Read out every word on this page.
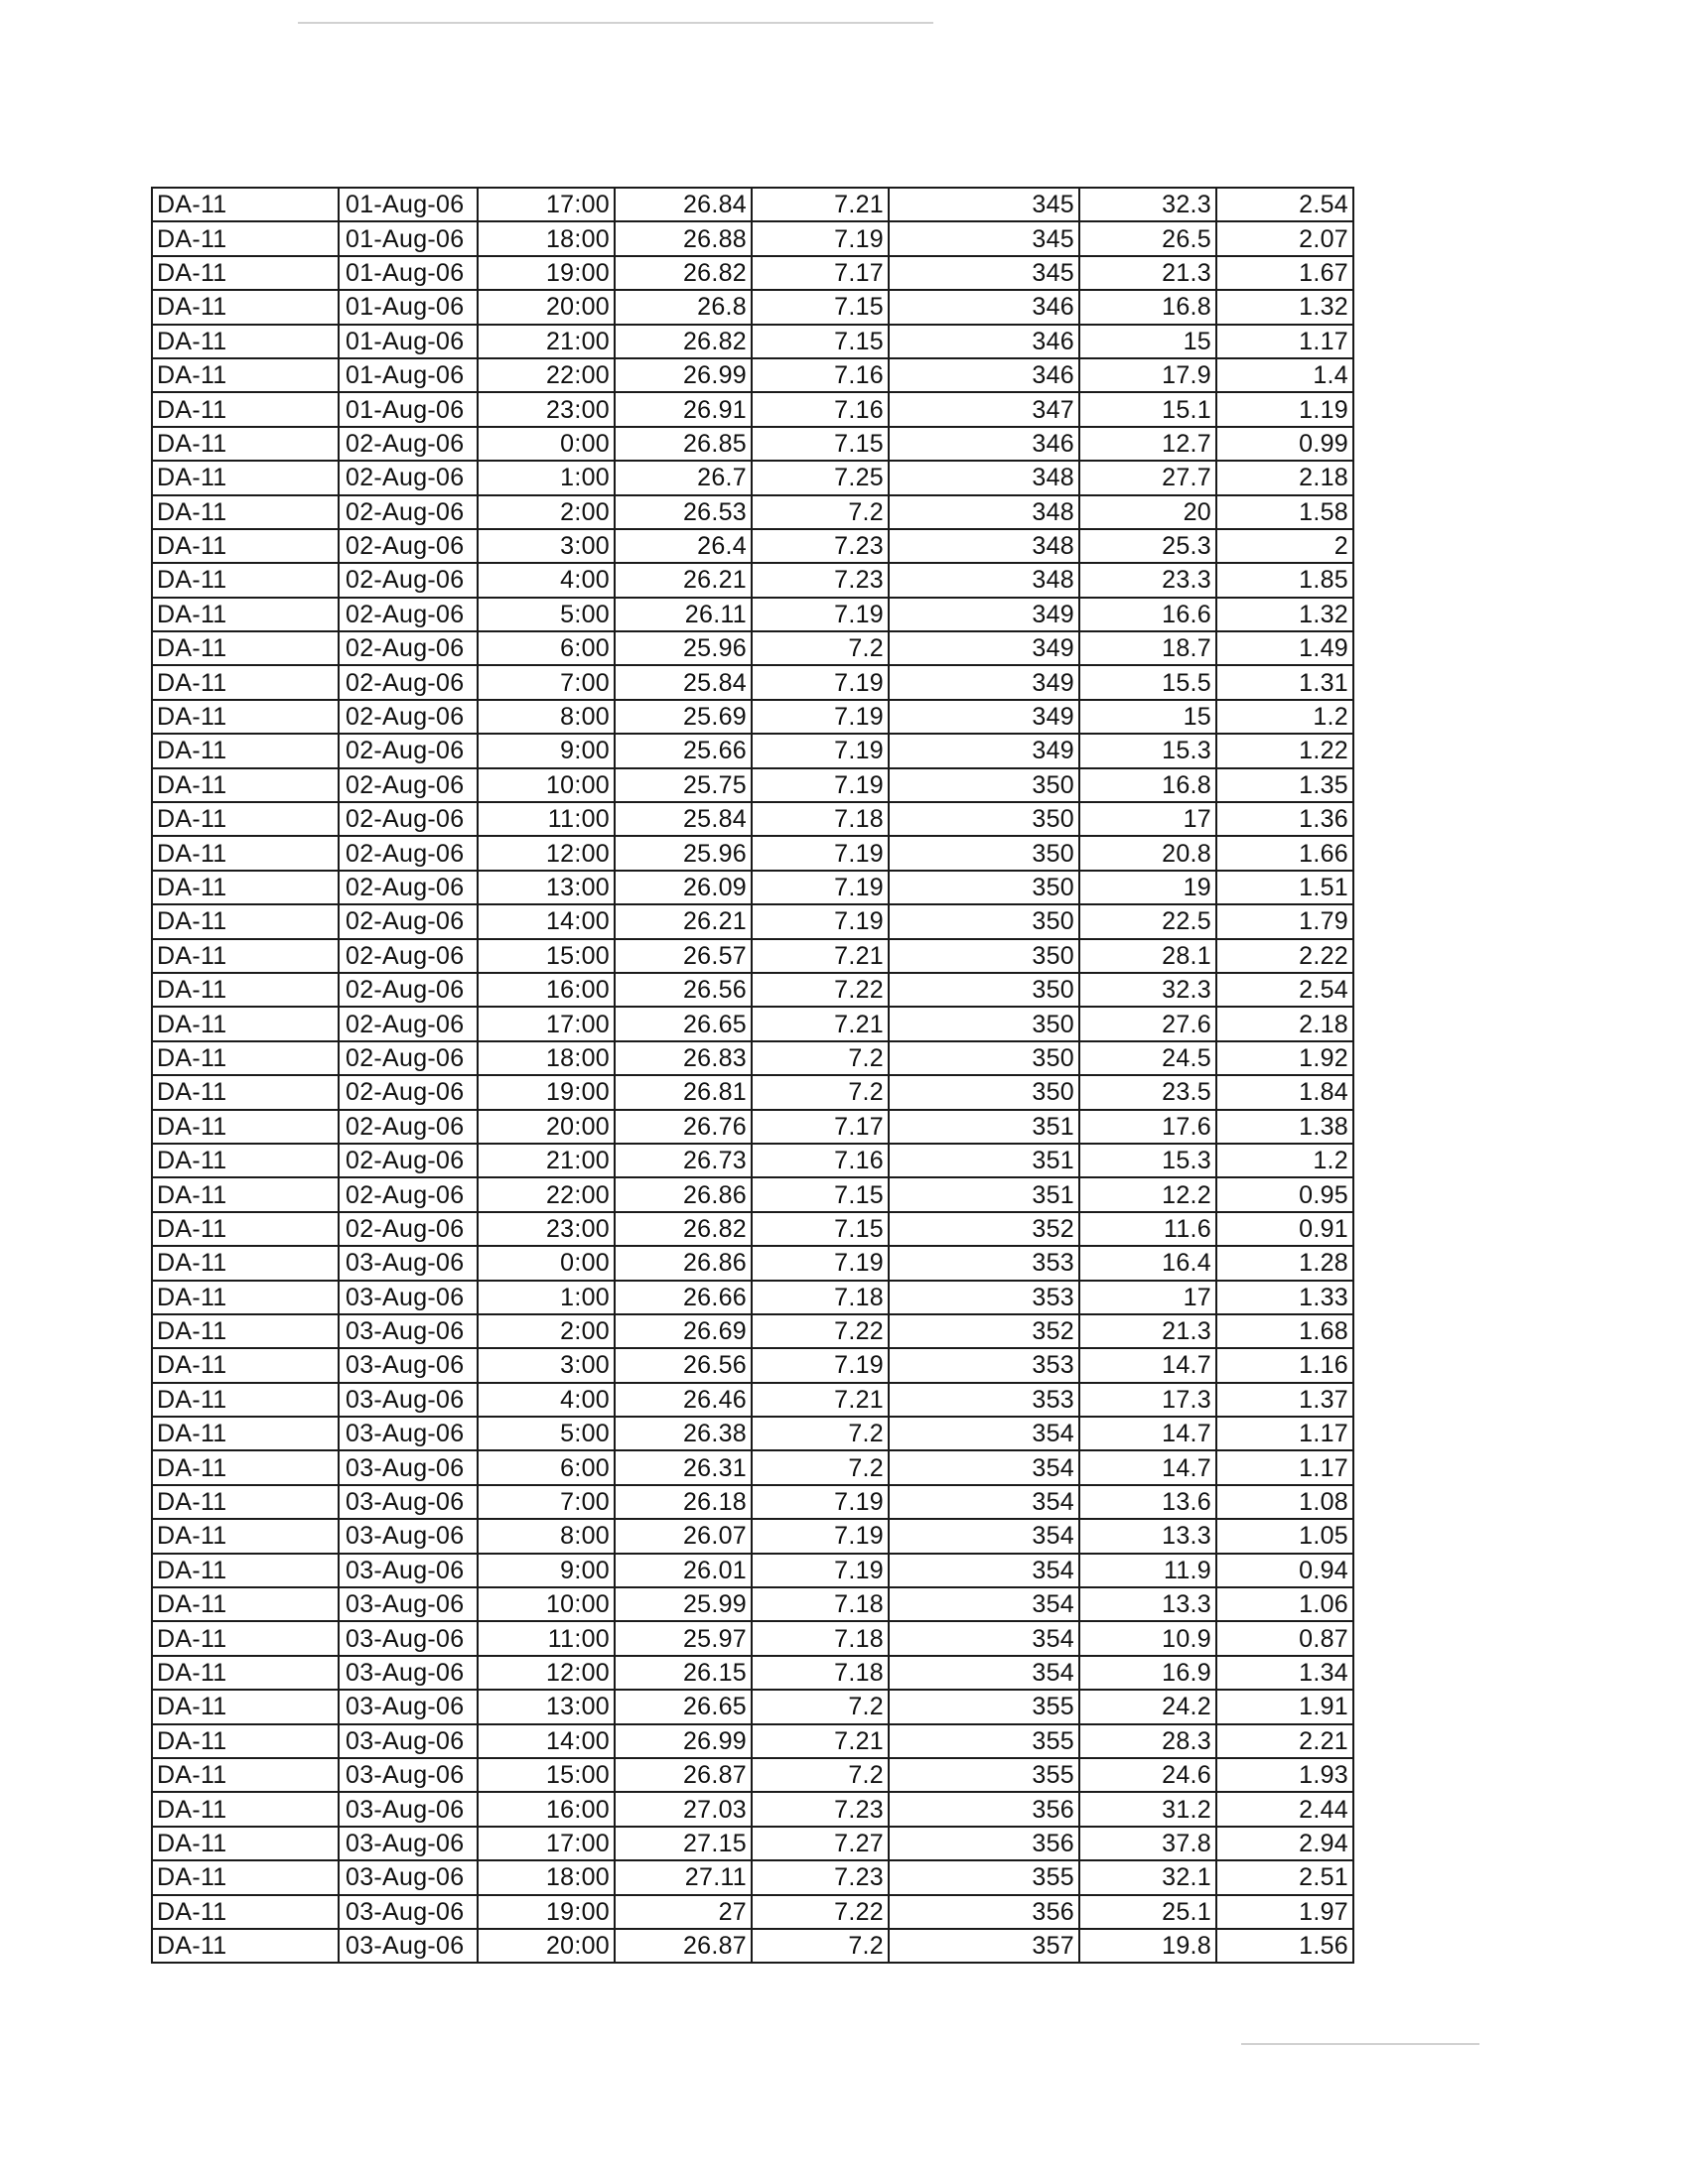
DA-11	01-Aug-06	17:00	26.84	7.21	345	32.3	2.54
DA-11	01-Aug-06	18:00	26.88	7.19	345	26.5	2.07
DA-11	01-Aug-06	19:00	26.82	7.17	345	21.3	1.67
DA-11	01-Aug-06	20:00	26.8	7.15	346	16.8	1.32
DA-11	01-Aug-06	21:00	26.82	7.15	346	15	1.17
DA-11	01-Aug-06	22:00	26.99	7.16	346	17.9	1.4
DA-11	01-Aug-06	23:00	26.91	7.16	347	15.1	1.19
DA-11	02-Aug-06	0:00	26.85	7.15	346	12.7	0.99
DA-11	02-Aug-06	1:00	26.7	7.25	348	27.7	2.18
DA-11	02-Aug-06	2:00	26.53	7.2	348	20	1.58
DA-11	02-Aug-06	3:00	26.4	7.23	348	25.3	2
DA-11	02-Aug-06	4:00	26.21	7.23	348	23.3	1.85
DA-11	02-Aug-06	5:00	26.11	7.19	349	16.6	1.32
DA-11	02-Aug-06	6:00	25.96	7.2	349	18.7	1.49
DA-11	02-Aug-06	7:00	25.84	7.19	349	15.5	1.31
DA-11	02-Aug-06	8:00	25.69	7.19	349	15	1.2
DA-11	02-Aug-06	9:00	25.66	7.19	349	15.3	1.22
DA-11	02-Aug-06	10:00	25.75	7.19	350	16.8	1.35
DA-11	02-Aug-06	11:00	25.84	7.18	350	17	1.36
DA-11	02-Aug-06	12:00	25.96	7.19	350	20.8	1.66
DA-11	02-Aug-06	13:00	26.09	7.19	350	19	1.51
DA-11	02-Aug-06	14:00	26.21	7.19	350	22.5	1.79
DA-11	02-Aug-06	15:00	26.57	7.21	350	28.1	2.22
DA-11	02-Aug-06	16:00	26.56	7.22	350	32.3	2.54
DA-11	02-Aug-06	17:00	26.65	7.21	350	27.6	2.18
DA-11	02-Aug-06	18:00	26.83	7.2	350	24.5	1.92
DA-11	02-Aug-06	19:00	26.81	7.2	350	23.5	1.84
DA-11	02-Aug-06	20:00	26.76	7.17	351	17.6	1.38
DA-11	02-Aug-06	21:00	26.73	7.16	351	15.3	1.2
DA-11	02-Aug-06	22:00	26.86	7.15	351	12.2	0.95
DA-11	02-Aug-06	23:00	26.82	7.15	352	11.6	0.91
DA-11	03-Aug-06	0:00	26.86	7.19	353	16.4	1.28
DA-11	03-Aug-06	1:00	26.66	7.18	353	17	1.33
DA-11	03-Aug-06	2:00	26.69	7.22	352	21.3	1.68
DA-11	03-Aug-06	3:00	26.56	7.19	353	14.7	1.16
DA-11	03-Aug-06	4:00	26.46	7.21	353	17.3	1.37
DA-11	03-Aug-06	5:00	26.38	7.2	354	14.7	1.17
DA-11	03-Aug-06	6:00	26.31	7.2	354	14.7	1.17
DA-11	03-Aug-06	7:00	26.18	7.19	354	13.6	1.08
DA-11	03-Aug-06	8:00	26.07	7.19	354	13.3	1.05
DA-11	03-Aug-06	9:00	26.01	7.19	354	11.9	0.94
DA-11	03-Aug-06	10:00	25.99	7.18	354	13.3	1.06
DA-11	03-Aug-06	11:00	25.97	7.18	354	10.9	0.87
DA-11	03-Aug-06	12:00	26.15	7.18	354	16.9	1.34
DA-11	03-Aug-06	13:00	26.65	7.2	355	24.2	1.91
DA-11	03-Aug-06	14:00	26.99	7.21	355	28.3	2.21
DA-11	03-Aug-06	15:00	26.87	7.2	355	24.6	1.93
DA-11	03-Aug-06	16:00	27.03	7.23	356	31.2	2.44
DA-11	03-Aug-06	17:00	27.15	7.27	356	37.8	2.94
DA-11	03-Aug-06	18:00	27.11	7.23	355	32.1	2.51
DA-11	03-Aug-06	19:00	27	7.22	356	25.1	1.97
DA-11	03-Aug-06	20:00	26.87	7.2	357	19.8	1.56
